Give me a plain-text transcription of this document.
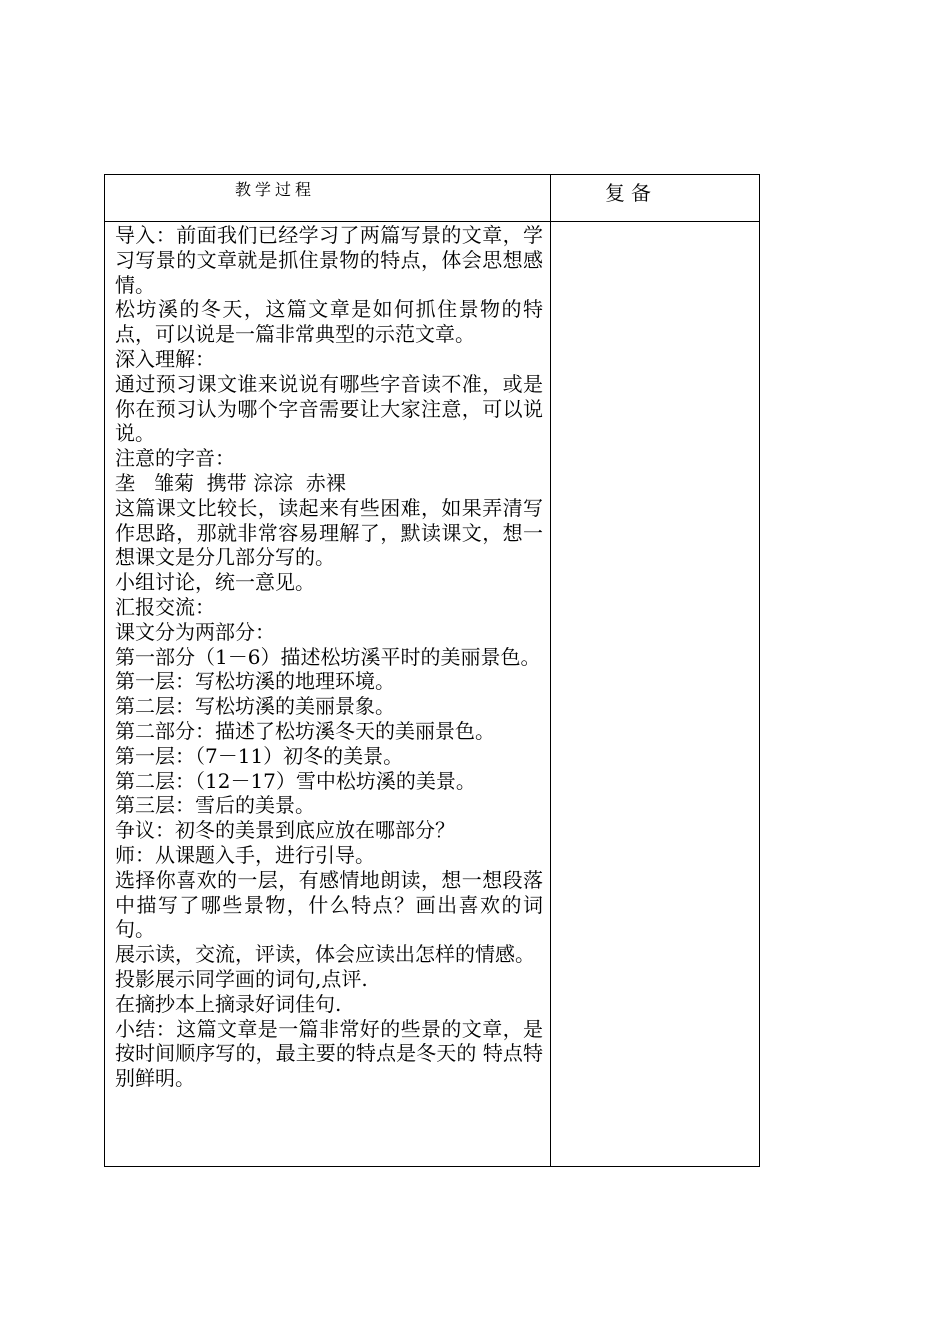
教学过程	复备

导入：前面我们已经学习了两篇写景的文章，学习写景的文章就是抓住景物的特点，体会思想感情。

松坊溪的冬天，这篇文章是如何抓住景物的特点，可以说是一篇非常典型的示范文章。

深入理解：

通过预习课文谁来说说有哪些字音读不准，或是你在预习认为哪个字音需要让大家注意，可以说说。

注意的字音：

垄   雏菊  携带 淙淙  赤裸

这篇课文比较长，读起来有些困难，如果弄清写作思路，那就非常容易理解了，默读课文，想一想课文是分几部分写的。

小组讨论，统一意见。

汇报交流：

课文分为两部分：

第一部分（1－6）描述松坊溪平时的美丽景色。

第一层：写松坊溪的地理环境。

第二层：写松坊溪的美丽景象。

第二部分：描述了松坊溪冬天的美丽景色。

第一层：（7－11）初冬的美景。

第二层：（12－17）雪中松坊溪的美景。

第三层：雪后的美景。

争议：初冬的美景到底应放在哪部分？

师：从课题入手，进行引导。

选择你喜欢的一层，有感情地朗读，想一想段落中描写了哪些景物，什么特点？画出喜欢的词句。

展示读，交流，评读，体会应读出怎样的情感。

投影展示同学画的词句,点评.

在摘抄本上摘录好词佳句.

小结：这篇文章是一篇非常好的些景的文章，是按时间顺序写的，最主要的特点是冬天的 特点特别鲜明。
